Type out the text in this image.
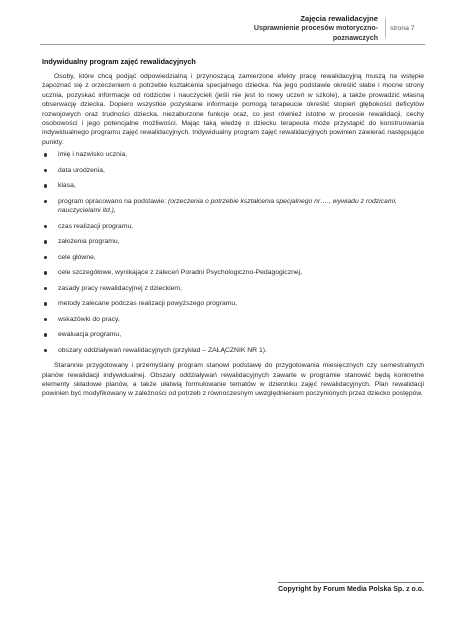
Zajęcia rewalidacyjne
Usprawnienie procesów motoryczno-poznawczych
strona 7
Indywidualny program zajęć rewalidacyjnych

Osoby, które chcą podjąć odpowiedzialną i przynoszącą zamierzone efekty pracę rewalidacyjną muszą na wstępie zapoznać się z orzeczeniem o potrzebie kształcenia specjalnego dziecka. Na jego podstawie określić słabe i mocne strony ucznia, pozyskać informacje od rodziców i nauczycieli (jeśli nie jest to nowy uczeń w szkole), a także prowadzić własną obserwację dziecka. Dopiero wszystkie pozyskane informacje pomogą terapeucie określić stopień głębokości deficytów rozwojowych oraz trudności dziecka, niezaburzone funkcje oraz, co jest również istotne w procesie rewalidacji, cechy osobowości i jego potencjalne możliwości. Mając taką wiedzę o dziecku terapeuta może przystąpić do konstruowania indywidualnego programu zajęć rewalidacyjnych. Indywidualny program zajęć rewalidacyjnych powinien zawierać następujące punkty:

imię i nazwisko ucznia,
data urodzenia,
klasa,
program opracowano na podstawie: (orzeczenia o potrzebie kształcenia specjalnego nr…., wywiadu z rodzicami, nauczycielami itd.),
czas realizacji programu,
założenia programu,
cele główne,
cele szczegółowe, wynikające z zaleceń Poradni Psychologiczno-Pedagogicznej,
zasady pracy rewalidacyjnej z dzieckiem,
metody zalecane podczas realizacji powyższego programu,
wskazówki do pracy,
ewaluacja programu,
obszary oddziaływań rewalidacyjnych (przykład – ZAŁĄCZNIK NR 1).

Starannie przygotowany i przemyślany program stanowi podstawę do przygotowania miesięcznych czy semestralnych planów rewalidacji indywidualnej. Obszary oddziaływań rewalidacyjnych zawarte w programie stanowić będą konkretne elementy składowe planów, a także ułatwią formułowanie tematów w dzienniku zajęć rewalidacyjnych. Plan rewalidacji powinien być modyfikowany w zależności od potrzeb z równoczesnym uwzględnieniem poczynionych przez dziecko postępów.

Copyright by Forum Media Polska Sp. z o.o.
